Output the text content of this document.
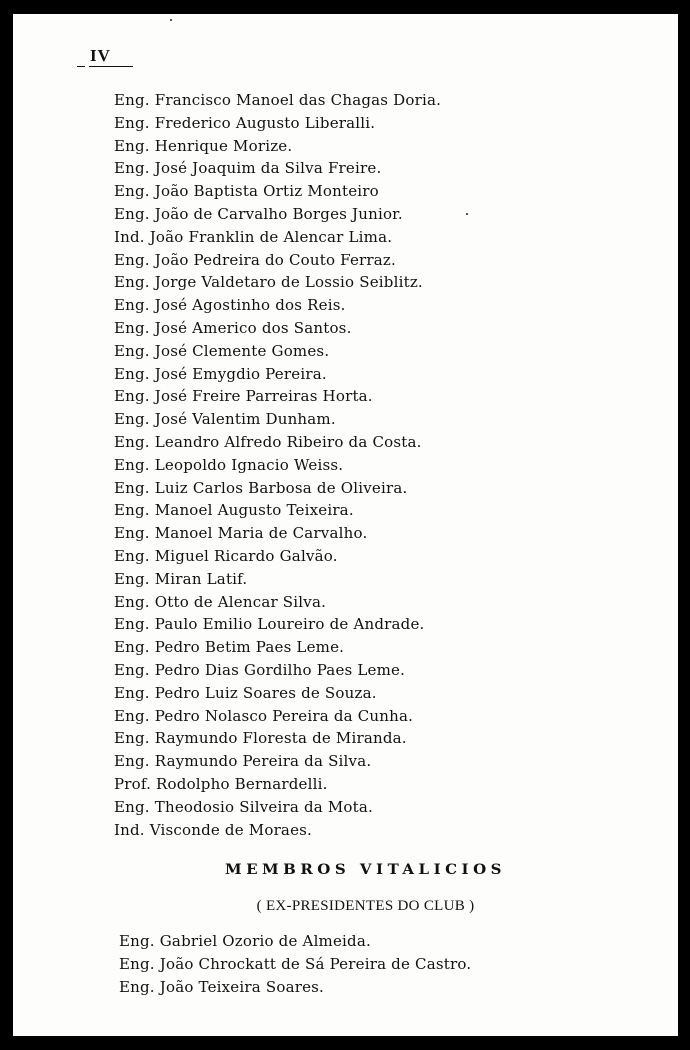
IV
Eng. Francisco Manoel das Chagas Doria.
Eng. Frederico Augusto Liberalli.
Eng. Henrique Morize.
Eng. José Joaquim da Silva Freire.
Eng. João Baptista Ortiz Monteiro
Eng. João de Carvalho Borges Junior.
Ind. João Franklin de Alencar Lima.
Eng. João Pedreira do Couto Ferraz.
Eng. Jorge Valdetaro de Lossio Seiblitz.
Eng. José Agostinho dos Reis.
Eng. José Americo dos Santos.
Eng. José Clemente Gomes.
Eng. José Emygdio Pereira.
Eng. José Freire Parreiras Horta.
Eng. José Valentim Dunham.
Eng. Leandro Alfredo Ribeiro da Costa.
Eng. Leopoldo Ignacio Weiss.
Eng. Luiz Carlos Barbosa de Oliveira.
Eng. Manoel Augusto Teixeira.
Eng. Manoel Maria de Carvalho.
Eng. Miguel Ricardo Galvão.
Eng. Miran Latif.
Eng. Otto de Alencar Silva.
Eng. Paulo Emilio Loureiro de Andrade.
Eng. Pedro Betim Paes Leme.
Eng. Pedro Dias Gordilho Paes Leme.
Eng. Pedro Luiz Soares de Souza.
Eng. Pedro Nolasco Pereira da Cunha.
Eng. Raymundo Floresta de Miranda.
Eng. Raymundo Pereira da Silva.
Prof. Rodolpho Bernardelli.
Eng. Theodosio Silveira da Mota.
Ind. Visconde de Moraes.
MEMBROS VITALICIOS
( EX-PRESIDENTES DO CLUB )
Eng. Gabriel Ozorio de Almeida.
Eng. João Chrockatt de Sá Pereira de Castro.
Eng. João Teixeira Soares.
